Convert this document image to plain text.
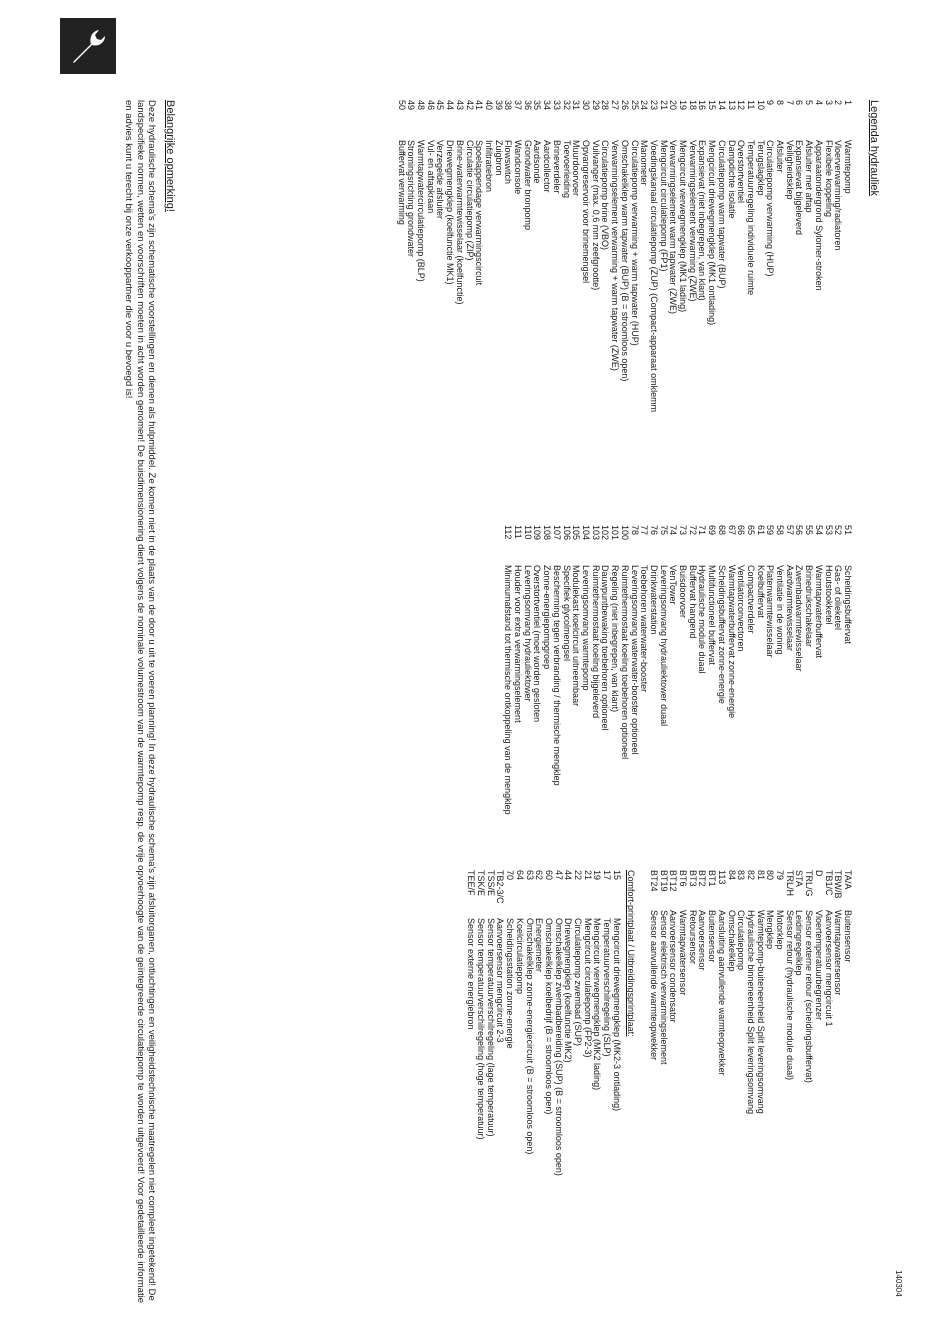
140304
Legenda hydrauliek
1
Warmtepomp
2
Vloerverwarming/radiatoren
3
Flexibele koppeling
4
Apparaatondergrond Sylomer-stroken
5
Afsluiter met aftap
6
Expansievat bijgeleverd
7
Veiligheidsklep
8
Afsluiter
9
Circulatiepomp verwarming (HUP)
10
Terugslagklep
11
Temperatuurregeling individuele ruimte
12
Overstortventiel
13
Dampdichte isolatie
14
Circulatiepomp warm tapwater (BUP)
15
Mengcircuit driewegmengklep (MK1 ontlading)
16
Expansievat (niet inbegrepen, van klant)
18
Verwarmingselement verwarming (ZWE)
19
Mengcircuit vierwegmengklep (MK1 lading)
20
Verwarmingselement warm tapwater (ZWE)
21
Mengcircuit circulatiepomp (FP1)
23
Voedingskanaal circulatiepomp (ZUP) (Compact-apparaat omklemm
24
Manometer
25
Circulatiepomp verwarming + warm tapwater (HUP)
26
Omschakelklep warm tapwater (BUP) (B = stroomloos open)
27
Verwarmingselement verwarming + warm tapwater (ZWE)
28
Circulatiepomp brine (VBO)
29
Vuilvanger (max. 0,6 mm zeefgrootte)
30
Opvangreservoir voor brinemengsel
31
Muurdoorvoer
32
Toevoerleiding
33
Brineverdeler
34
Aardcollector
35
Aardsonde
36
Grondwater bronpomp
37
Wandconsole
38
Flowswitch
39
Zuigbron
40
Infiltratiebron
41
Spoelappendage verwarmingscircuit
42
Circulatie circulatiepomp (ZIP)
43
Brine-waterwarmtewisselaar (koelfunctie)
44
Driewegmengklep (koelfunctie MK1)
45
Verzegelde afsluiter
46
Vul- en aftapkraan
48
Warmtapwatercirculatiepomp (BLP)
49
Stromingsrichting grondwater
50
Buffervat verwarming
51
Scheidingsbuffervat
52
Gas- of olieketel
53
Houtstookketel
54
Warmtapwaterbuffervat
55
Brinedrukschakelaar
56
Zwembadwarmtewisselaar
57
Aardwarmtewisselaar
58
Ventilatie in de woning
59
Platenwarmtewisselaar
61
Koelbuffervat
65
Compactverdeler
66
Ventilatorconvectoren
67
Warmtapwaterbuffervat zonne-energie
68
Scheidingsbuffervat zonne-energie
69
Multifunctioneel buffervat
71
Hydraulische module duaal
72
Buffervat hangend
73
Buisdoorvoer
74
VenTower
75
Leveringsomvang hydrauliektower duaal
76
Drinkwaterstation
77
Toebehoren waterwater-booster
78
Leveringsomvang waterwater-booster optioneel
100
Ruimtethermostaat koeling toebehoren optioneel
101
Regeling (niet inbegrepen, van klant)
102
Dauwpuntbewaking toebehoren optioneel
103
Ruimtethermostaat koeling bijgeleverd
104
Leveringsomvang warmtepomp
105
Modulekast koelcircuit uitneembaar
106
Specifiek glycolmengsel
107
Bescherming tegen verbranding / thermische mengklep
108
Zonne-energiepompgroep
109
Overstortventiel (moet worden gesloten
110
Leveringsomvang hydrauliektower
111
Houder voor extra verwarmingselement
112
Minimumafstand tot thermische ontkoppeling van de mengklep
TA/A
Buitensensor
TBW/B
Warmtapwatersensor
TB1/C
Aanvoersensor mengcircuit 1
D
Vloertemperatuurbegrenzer
TRL/G
Sensor externe retour (scheidingsbuffervat)
STA
Leidingregelklep
TRL/H
Sensor retour (hydraulische module duaal)
79
Motorklep
80
Mengklep
81
Warmtepomp-buiteneenheid Split leveringsomvang
82
Hydraulische binneneenheid Split leveringsomvang
83
Circulatiepomp
84
Omschakelklep
113
Aansluiting aanvullende warmteopwekker
BT1
Buitensensor
BT2
Aanvoersensor
BT3
Retoursensor
BT6
Warmtapwatersensor
BT12
Aanvoersensor condensator
BT19
Sensor elektrisch verwarmingselement
BT24
Sensor aanvullende warmteopwekker
Comfort-printplaat / Uitbreidingsprintplaat:
15
Mengcircuit driewegmengklep (MK2-3 ontlading)
17
Temperatuurverschilregeling (SLP)
19
Mengcircuit vierwegmengklep (MK2 lading)
21
Mengcircuit circulatiepomp (FP2-3)
22
Circulatiepomp zwembad (SUP)
44
Driewegmengklep (koelfunctie MK2)
47
Omschakelklep zwembadbereiding (SUP) (B = stroomloos open)
60
Omschakelklep koelbedrijf (B = stroomloos open)
62
Energiemeter
63
Omschakelklep zonne-energiecircuit (B = stroomloos open)
64
Koelcirculatiepomp
70
Scheidingsstation zonne-energie
TB2-3/C
Aanvoersensor mengcircuit 2-3
TSS/E
Sensor temperatuurverschilregeling (lage temperatuur)
TSK/E
Sensor temperatuurverschilregeling (hoge temperatuur)
TEE/F
Sensor externe energiebron
Belangrijke opmerking!
Deze hydraulische schema's zijn schematische voorstellingen en dienen als hulpmiddel. Ze komen niet in de plaats van de door u uit te voeren planning! In deze hydraulische schema's zijn afsluitorganen, ontluchtingen en veiligheidstechnische maatregelen niet compleet ingetekend! De landspecifieke normen, wetten en voorschriften moeten in acht worden genomen! De buisdimensionering dient volgens de nominale volumestroom van de warmtepomp resp. de vrije opvoerhoogte van de geïntegreerde circulatiepomp te worden uitgevoerd! Voor gedetailleerde informatie en advies kunt u terecht bij onze verkooppartner die voor u bevoegd is!
